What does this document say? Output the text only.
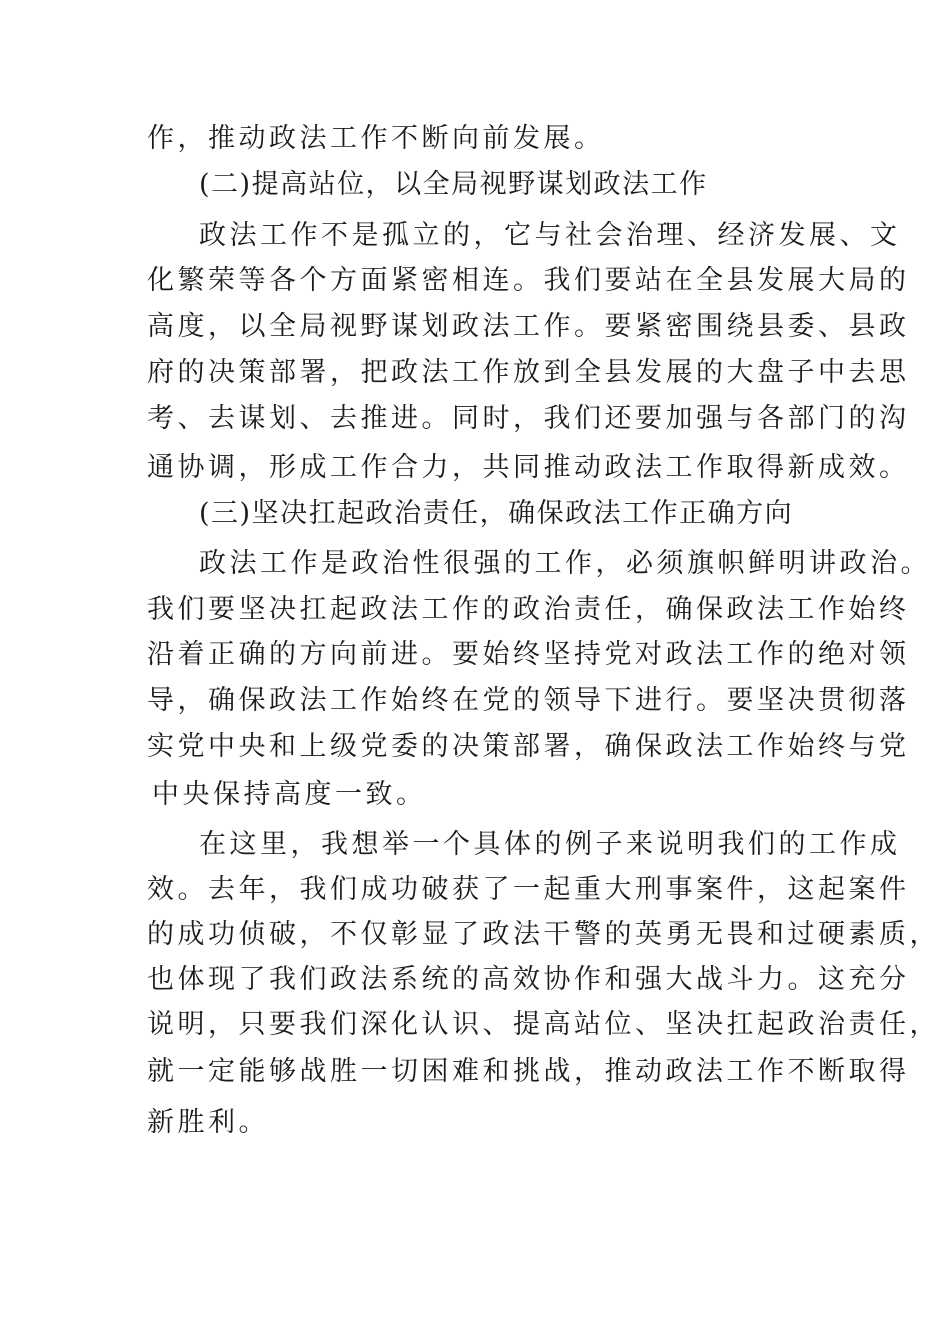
作，推动政法工作不断向前发展。
(二)提高站位，以全局视野谋划政法工作
政法工作不是孤立的，它与社会治理、经济发展、文
化繁荣等各个方面紧密相连。我们要站在全县发展大局的
高度，以全局视野谋划政法工作。要紧密围绕县委、县政
府的决策部署，把政法工作放到全县发展的大盘子中去思
考、去谋划、去推进。同时，我们还要加强与各部门的沟
通协调，形成工作合力，共同推动政法工作取得新成效。
(三)坚决扛起政治责任，确保政法工作正确方向
政法工作是政治性很强的工作，必须旗帜鲜明讲政治。
我们要坚决扛起政法工作的政治责任，确保政法工作始终
沿着正确的方向前进。要始终坚持党对政法工作的绝对领
导，确保政法工作始终在党的领导下进行。要坚决贯彻落
实党中央和上级党委的决策部署，确保政法工作始终与党
中央保持高度一致。
在这里，我想举一个具体的例子来说明我们的工作成
效。去年，我们成功破获了一起重大刑事案件，这起案件
的成功侦破，不仅彰显了政法干警的英勇无畏和过硬素质，
也体现了我们政法系统的高效协作和强大战斗力。这充分
说明，只要我们深化认识、提高站位、坚决扛起政治责任，
就一定能够战胜一切困难和挑战，推动政法工作不断取得
新胜利。
